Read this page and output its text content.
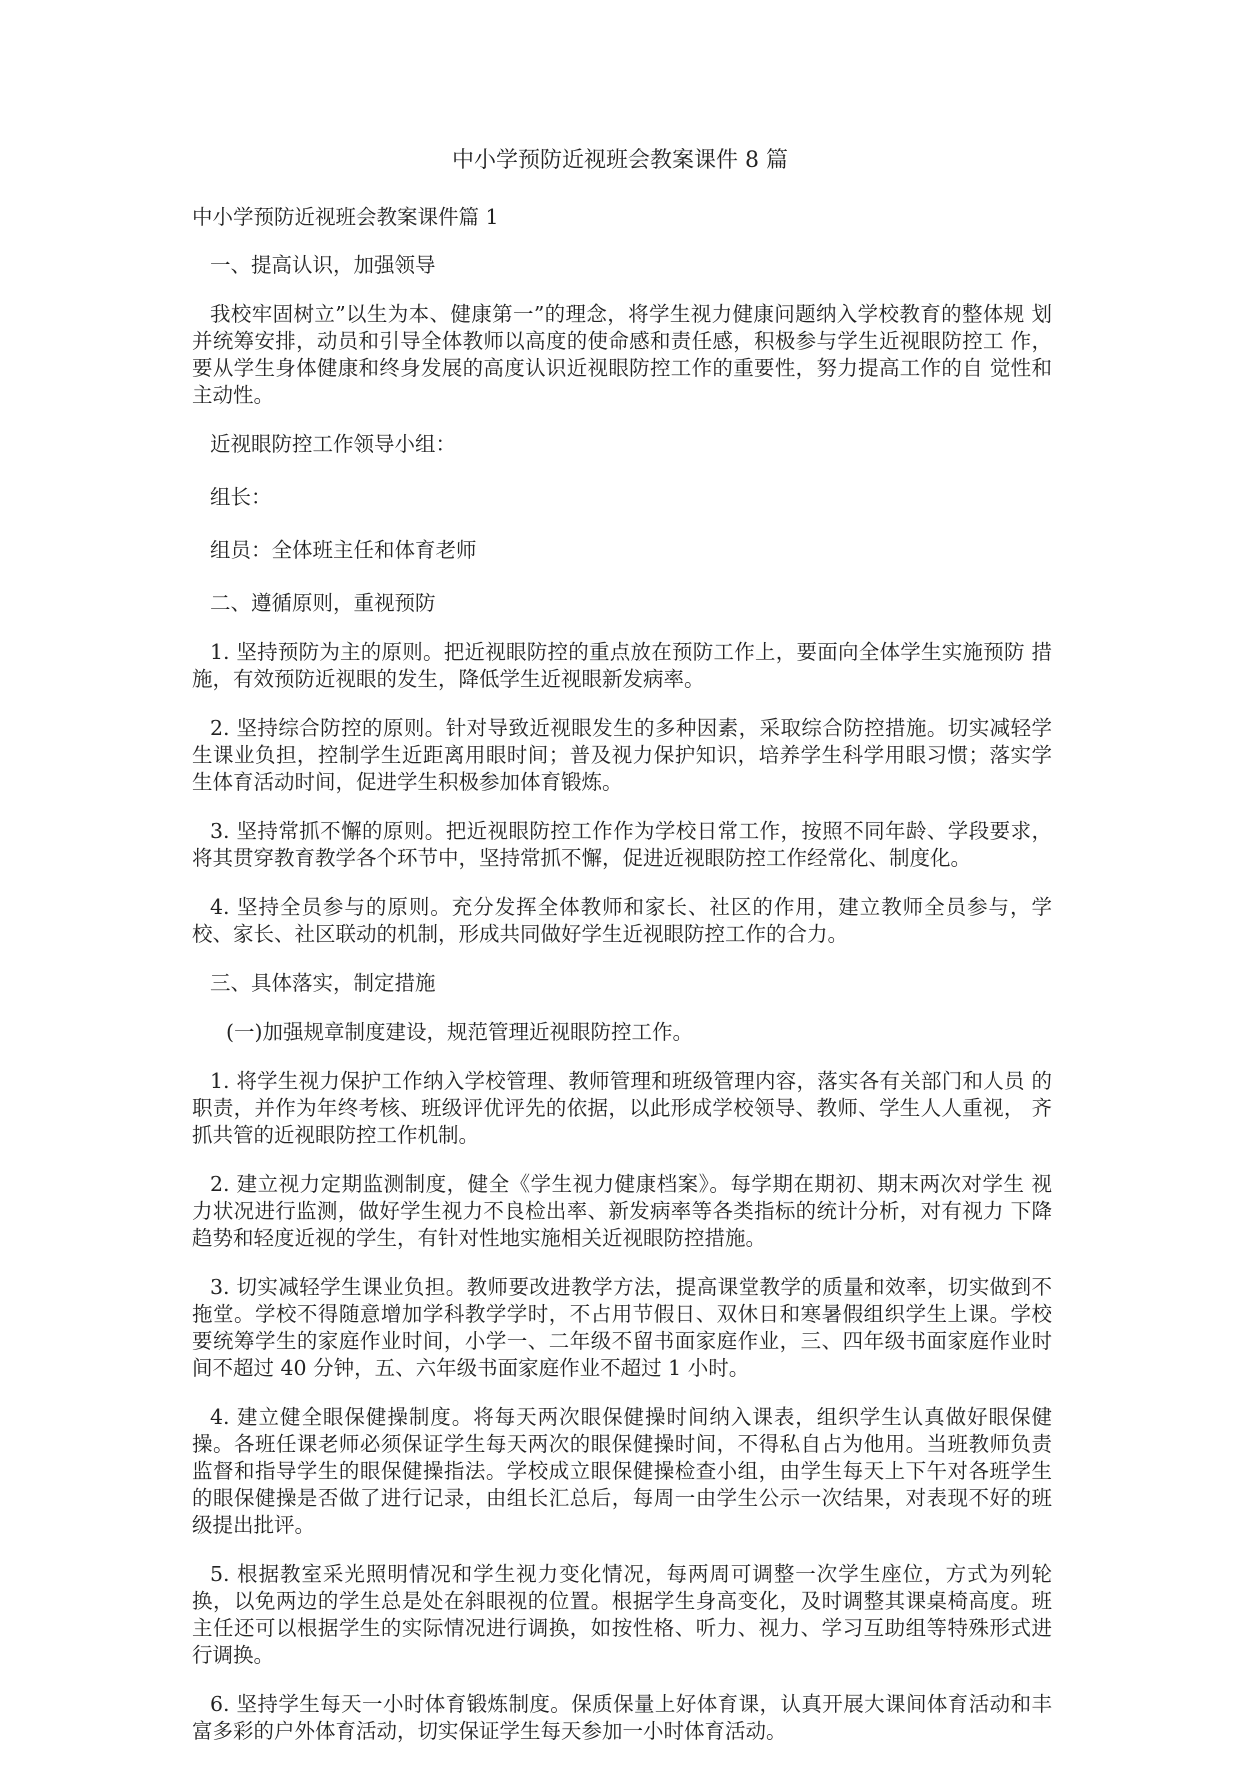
中小学预防近视班会教案课件 8 篇

中小学预防近视班会教案课件篇 1

一、提高认识，加强领导

我校牢固树立”以生为本、健康第一”的理念，将学生视力健康问题纳入学校教育的整体规 划并统筹安排，动员和引导全体教师以高度的使命感和责任感，积极参与学生近视眼防控工 作，要从学生身体健康和终身发展的高度认识近视眼防控工作的重要性，努力提高工作的自 觉性和主动性。

近视眼防控工作领导小组：

组长：

组员：全体班主任和体育老师

二、遵循原则，重视预防

1. 坚持预防为主的原则。把近视眼防控的重点放在预防工作上，要面向全体学生实施预防 措施，有效预防近视眼的发生，降低学生近视眼新发病率。

2. 坚持综合防控的原则。针对导致近视眼发生的多种因素，采取综合防控措施。切实减轻学生课业负担，控制学生近距离用眼时间；普及视力保护知识，培养学生科学用眼习惯；落实学生体育活动时间，促进学生积极参加体育锻炼。

3. 坚持常抓不懈的原则。把近视眼防控工作作为学校日常工作，按照不同年龄、学段要求， 将其贯穿教育教学各个环节中，坚持常抓不懈，促进近视眼防控工作经常化、制度化。

4. 坚持全员参与的原则。充分发挥全体教师和家长、社区的作用，建立教师全员参与，学 校、家长、社区联动的机制，形成共同做好学生近视眼防控工作的合力。

三、具体落实，制定措施

(一)加强规章制度建设，规范管理近视眼防控工作。

1. 将学生视力保护工作纳入学校管理、教师管理和班级管理内容，落实各有关部门和人员 的职责，并作为年终考核、班级评优评先的依据，以此形成学校领导、教师、学生人人重视， 齐抓共管的近视眼防控工作机制。

2. 建立视力定期监测制度，健全《学生视力健康档案》。每学期在期初、期末两次对学生 视力状况进行监测，做好学生视力不良检出率、新发病率等各类指标的统计分析，对有视力 下降趋势和轻度近视的学生，有针对性地实施相关近视眼防控措施。

3. 切实减轻学生课业负担。教师要改进教学方法，提高课堂教学的质量和效率，切实做到不拖堂。学校不得随意增加学科教学学时，不占用节假日、双休日和寒暑假组织学生上课。学校要统筹学生的家庭作业时间，小学一、二年级不留书面家庭作业，三、四年级书面家庭作业时间不超过 40 分钟，五、六年级书面家庭作业不超过 1 小时。

4. 建立健全眼保健操制度。将每天两次眼保健操时间纳入课表，组织学生认真做好眼保健操。各班任课老师必须保证学生每天两次的眼保健操时间，不得私自占为他用。当班教师负责监督和指导学生的眼保健操指法。学校成立眼保健操检查小组，由学生每天上下午对各班学生的眼保健操是否做了进行记录，由组长汇总后，每周一由学生公示一次结果，对表现不好的班级提出批评。

5. 根据教室采光照明情况和学生视力变化情况，每两周可调整一次学生座位，方式为列轮换，以免两边的学生总是处在斜眼视的位置。根据学生身高变化，及时调整其课桌椅高度。班主任还可以根据学生的实际情况进行调换，如按性格、听力、视力、学习互助组等特殊形式进行调换。

6. 坚持学生每天一小时体育锻炼制度。保质保量上好体育课，认真开展大课间体育活动和丰富多彩的户外体育活动，切实保证学生每天参加一小时体育活动。
